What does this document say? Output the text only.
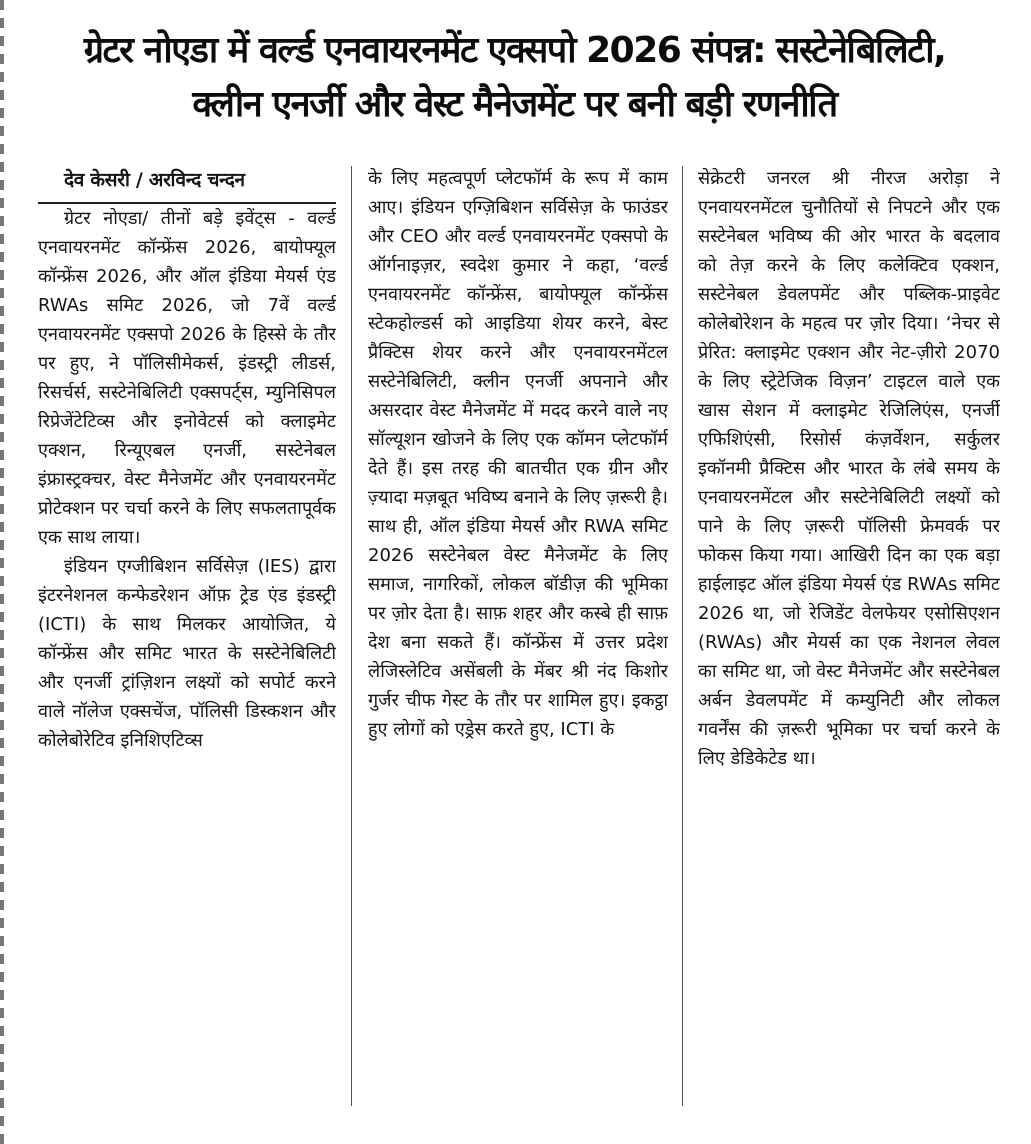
ग्रेटर नोएडा में वर्ल्ड एनवायरनमेंट एक्सपो 2026 संपन्न: सस्टेनेबिलिटी,
क्लीन एनर्जी और वेस्ट मैनेजमेंट पर बनी बड़ी रणनीति

देव केसरी / अरविन्द चन्दन

ग्रेटर नोएडा/ तीनों बड़े इवेंट्स - वर्ल्ड एनवायरनमेंट कॉन्फ्रेंस 2026, बायोफ्यूल कॉन्फ्रेंस 2026, और ऑल इंडिया मेयर्स एंड RWAs समिट 2026, जो 7वें वर्ल्ड एनवायरनमेंट एक्सपो 2026 के हिस्से के तौर पर हुए, ने पॉलिसीमेकर्स, इंडस्ट्री लीडर्स, रिसर्चर्स, सस्टेनेबिलिटी एक्सपर्ट्स, म्युनिसिपल रिप्रेजेंटेटिव्स और इनोवेटर्स को क्लाइमेट एक्शन, रिन्यूएबल एनर्जी, सस्टेनेबल इंफ्रास्ट्रक्चर, वेस्ट मैनेजमेंट और एनवायरनमेंट प्रोटेक्शन पर चर्चा करने के लिए सफलतापूर्वक एक साथ लाया।

इंडियन एग्जीबिशन सर्विसेज़ (IES) द्वारा इंटरनेशनल कन्फेडरेशन ऑफ़ ट्रेड एंड इंडस्ट्री (ICTI) के साथ मिलकर आयोजित, ये कॉन्फ्रेंस और समिट भारत के सस्टेनेबिलिटी और एनर्जी ट्रांज़िशन लक्ष्यों को सपोर्ट करने वाले नॉलेज एक्सचेंज, पॉलिसी डिस्कशन और कोलेबोरेटिव इनिशिएटिव्स

के लिए महत्वपूर्ण प्लेटफॉर्म के रूप में काम आए। इंडियन एग्ज़िबिशन सर्विसेज़ के फाउंडर और CEO और वर्ल्ड एनवायरनमेंट एक्सपो के ऑर्गनाइज़र, स्वदेश कुमार ने कहा, ‘वर्ल्ड एनवायरनमेंट कॉन्फ्रेंस, बायोफ्यूल कॉन्फ्रेंस स्टेकहोल्डर्स को आइडिया शेयर करने, बेस्ट प्रैक्टिस शेयर करने और एनवायरनमेंटल सस्टेनेबिलिटी, क्लीन एनर्जी अपनाने और असरदार वेस्ट मैनेजमेंट में मदद करने वाले नए सॉल्यूशन खोजने के लिए एक कॉमन प्लेटफॉर्म देते हैं। इस तरह की बातचीत एक ग्रीन और ज़्यादा मज़बूत भविष्य बनाने के लिए ज़रूरी है। साथ ही, ऑल इंडिया मेयर्स और RWA समिट 2026 सस्टेनेबल वेस्ट मैनेजमेंट के लिए समाज, नागरिकों, लोकल बॉडीज़ की भूमिका पर ज़ोर देता है। साफ़ शहर और कस्बे ही साफ़ देश बना सकते हैं। कॉन्फ्रेंस में उत्तर प्रदेश लेजिस्लेटिव असेंबली के मेंबर श्री नंद किशोर गुर्जर चीफ गेस्ट के तौर पर शामिल हुए। इकट्ठा हुए लोगों को एड्रेस करते हुए, ICTI के

सेक्रेटरी जनरल श्री नीरज अरोड़ा ने एनवायरनमेंटल चुनौतियों से निपटने और एक सस्टेनेबल भविष्य की ओर भारत के बदलाव को तेज़ करने के लिए कलेक्टिव एक्शन, सस्टेनेबल डेवलपमेंट और पब्लिक-प्राइवेट कोलेबोरेशन के महत्व पर ज़ोर दिया। ‘नेचर से प्रेरित: क्लाइमेट एक्शन और नेट-ज़ीरो 2070 के लिए स्ट्रेटेजिक विज़न’ टाइटल वाले एक खास सेशन में क्लाइमेट रेजिलिएंस, एनर्जी एफिशिएंसी, रिसोर्स कंज़र्वेशन, सर्कुलर इकॉनमी प्रैक्टिस और भारत के लंबे समय के एनवायरनमेंटल और सस्टेनेबिलिटी लक्ष्यों को पाने के लिए ज़रूरी पॉलिसी फ्रेमवर्क पर फोकस किया गया। आखिरी दिन का एक बड़ा हाईलाइट ऑल इंडिया मेयर्स एंड RWAs समिट 2026 था, जो रेजिडेंट वेलफेयर एसोसिएशन (RWAs) और मेयर्स का एक नेशनल लेवल का समिट था, जो वेस्ट मैनेजमेंट और सस्टेनेबल अर्बन डेवलपमेंट में कम्युनिटी और लोकल गवर्नेंस की ज़रूरी भूमिका पर चर्चा करने के लिए डेडिकेटेड था।
